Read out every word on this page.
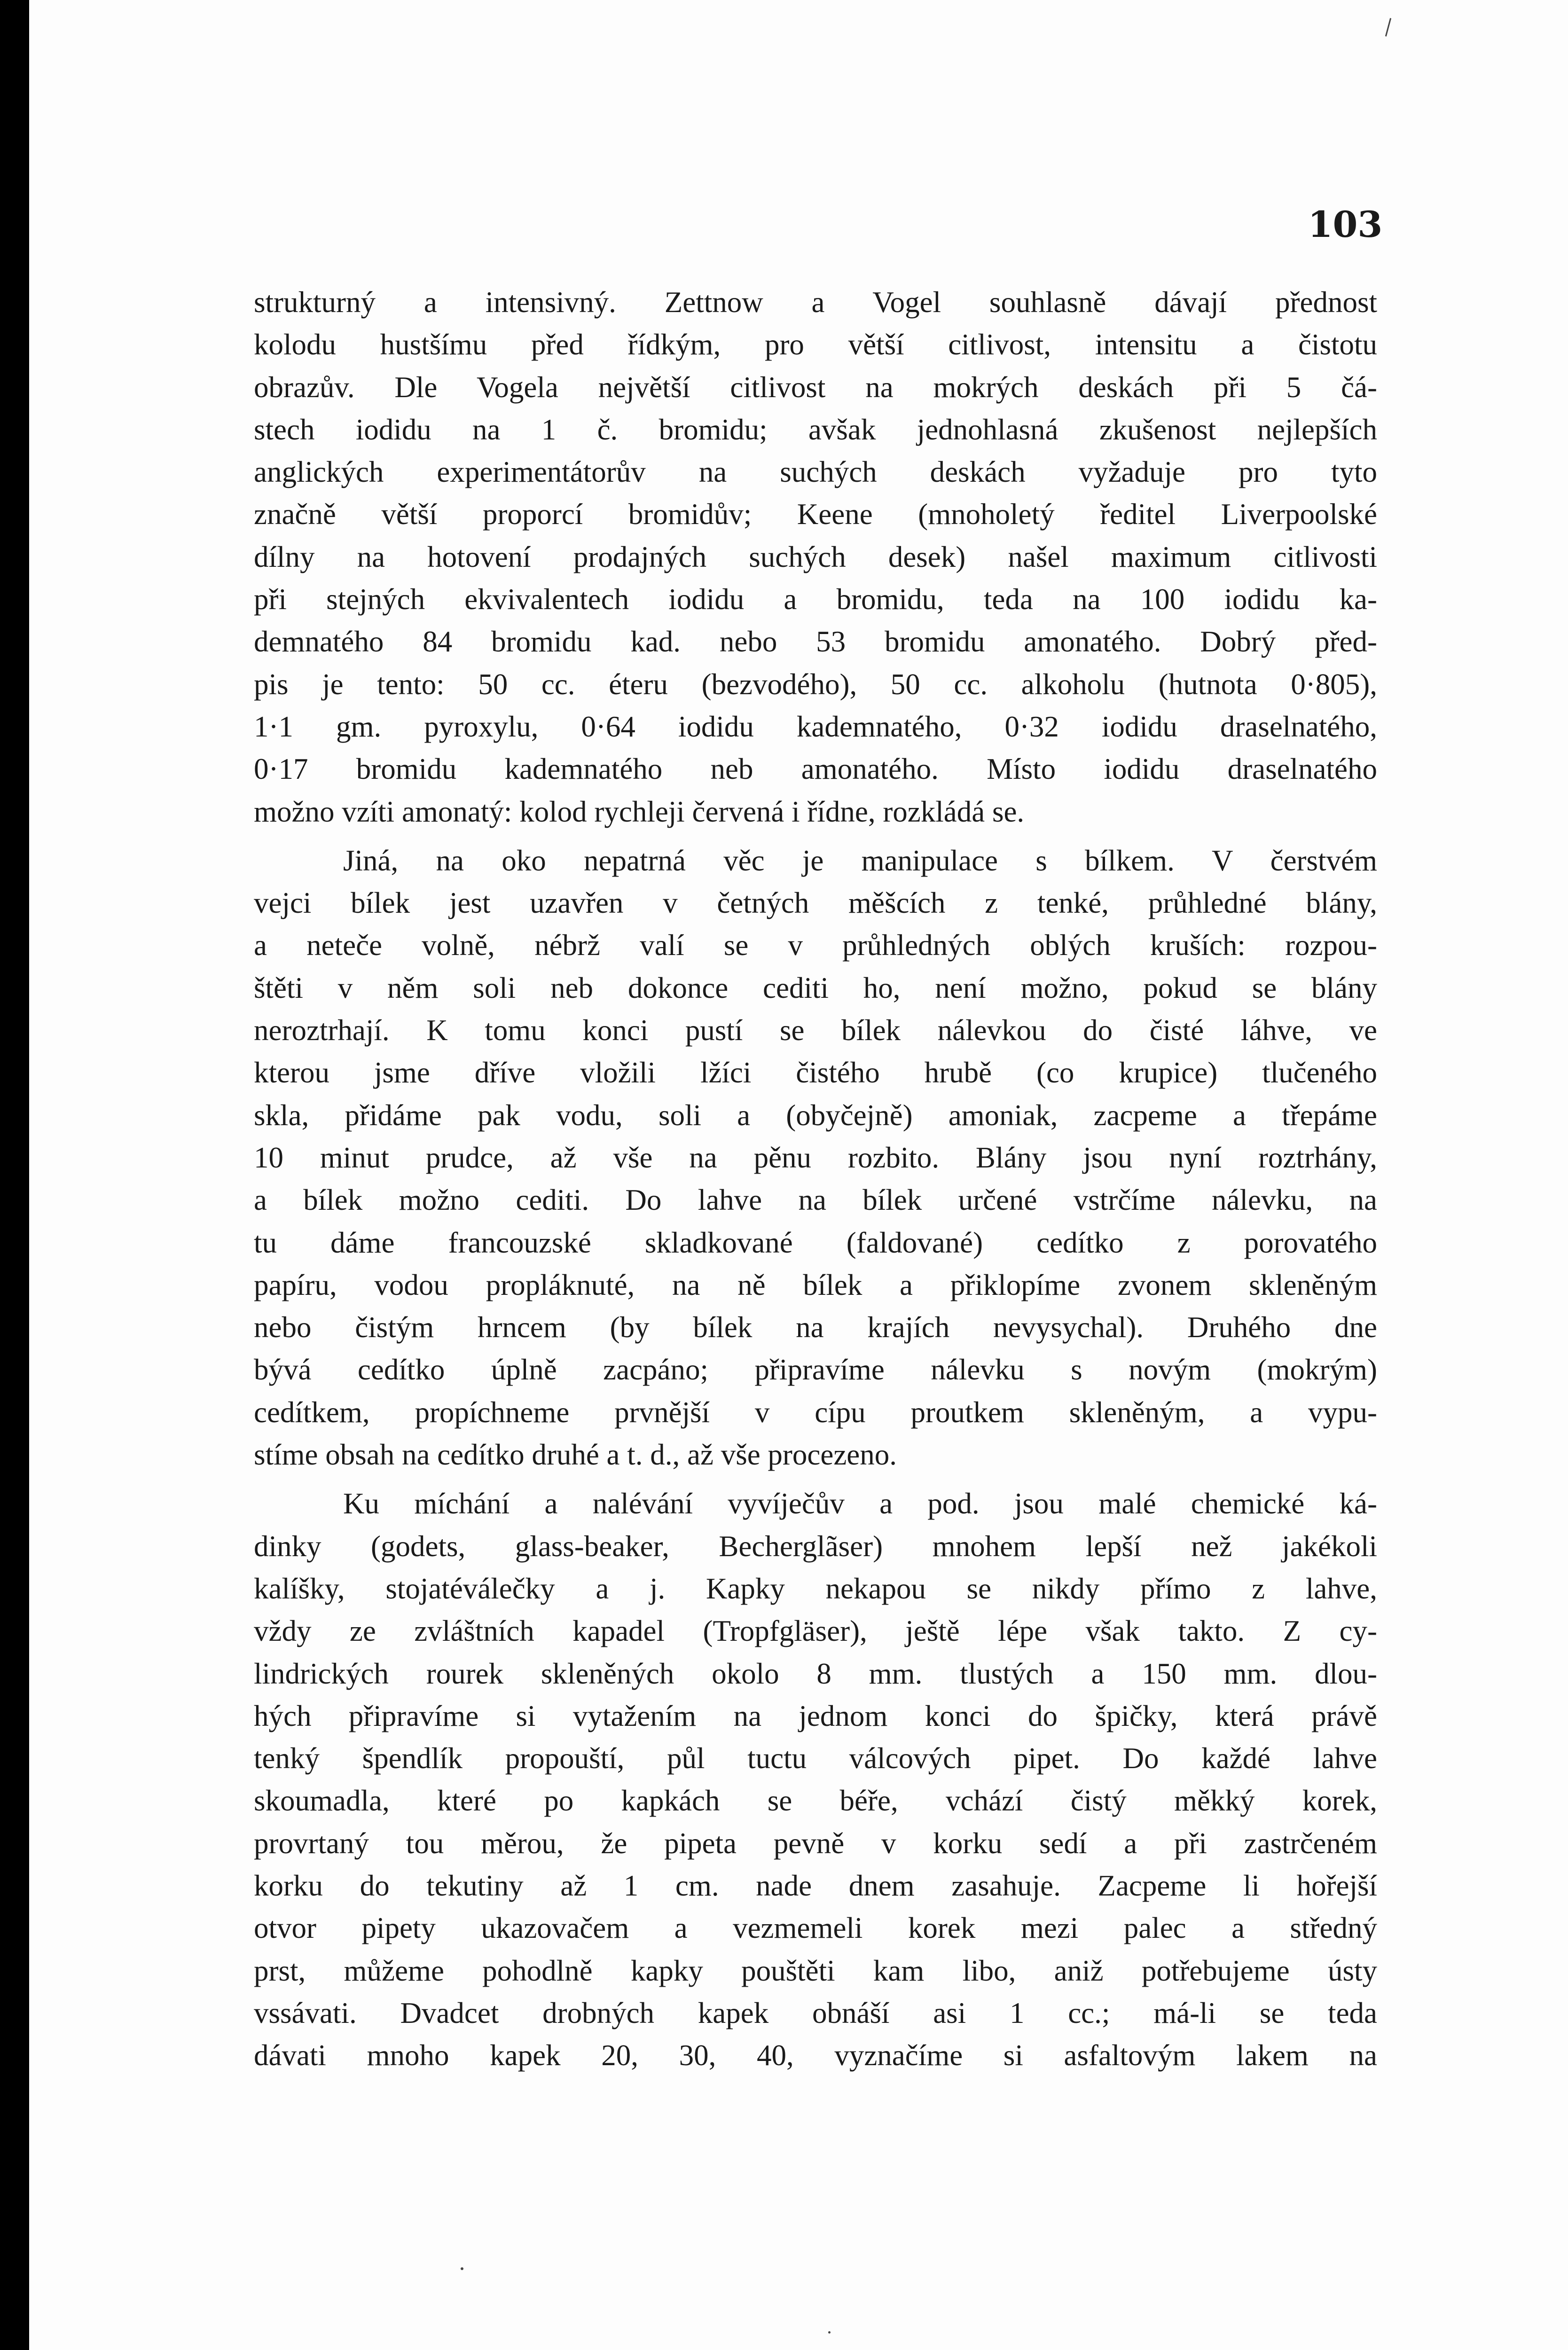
103
strukturný a intensivný. Zettnow a Vogel souhlasně dávají přednost
kolodu hustšímu před řídkým, pro větší citlivost, intensitu a čistotu
obrazův. Dle Vogela největší citlivost na mokrých deskách při 5 čá-
stech iodidu na 1 č. bromidu; avšak jednohlasná zkušenost nejlepších
anglických experimentátorův na suchých deskách vyžaduje pro tyto
značně větší proporcí bromidův; Keene (mnoholetý ředitel Liverpoolské
dílny na hotovení prodajných suchých desek) našel maximum citlivosti
při stejných ekvivalentech iodidu a bromidu, teda na 100 iodidu ka-
demnatého 84 bromidu kad. nebo 53 bromidu amonatého. Dobrý před-
pis je tento: 50 cc. éteru (bezvodého), 50 cc. alkoholu (hutnota 0·805),
1·1 gm. pyroxylu, 0·64 iodidu kademnatého, 0·32 iodidu draselnatého,
0·17 bromidu kademnatého neb amonatého. Místo iodidu draselnatého
možno vzíti amonatý: kolod rychleji červená i řídne, rozkládá se.
Jiná, na oko nepatrná věc je manipulace s bílkem. V čerstvém
vejci bílek jest uzavřen v četných měšcích z tenké, průhledné blány,
a neteče volně, nébrž valí se v průhledných oblých kruších: rozpou-
štěti v něm soli neb dokonce cediti ho, není možno, pokud se blány
neroztrhají. K tomu konci pustí se bílek nálevkou do čisté láhve, ve
kterou jsme dříve vložili lžíci čistého hrubě (co krupice) tlučeného
skla, přidáme pak vodu, soli a (obyčejně) amoniak, zacpeme a třepáme
10 minut prudce, až vše na pěnu rozbito. Blány jsou nyní roztrhány,
a bílek možno cediti. Do lahve na bílek určené vstrčíme nálevku, na
tu dáme francouzské skladkované (faldované) cedítko z porovatého
papíru, vodou propláknuté, na ně bílek a přiklopíme zvonem skleněným
nebo čistým hrncem (by bílek na krajích nevysychal). Druhého dne
bývá cedítko úplně zacpáno; připravíme nálevku s novým (mokrým)
cedítkem, propíchneme prvnější v cípu proutkem skleněným, a vypu-
stíme obsah na cedítko druhé a t. d., až vše procezeno.
Ku míchání a nalévání vyvíječův a pod. jsou malé chemické ká-
dinky (godets, glass-beaker, Becherglãser) mnohem lepší než jakékoli
kalíšky, stojatéválečky a j. Kapky nekapou se nikdy přímo z lahve,
vždy ze zvláštních kapadel (Tropfgläser), ještě lépe však takto. Z cy-
lindrických rourek skleněných okolo 8 mm. tlustých a 150 mm. dlou-
hých připravíme si vytažením na jednom konci do špičky, která právě
tenký špendlík propouští, půl tuctu válcových pipet. Do každé lahve
skoumadla, které po kapkách se béře, vchází čistý měkký korek,
provrtaný tou měrou, že pipeta pevně v korku sedí a při zastrčeném
korku do tekutiny až 1 cm. nade dnem zasahuje. Zacpeme li hořejší
otvor pipety ukazovačem a vezmemeli korek mezi palec a středný
prst, můžeme pohodlně kapky pouštěti kam libo, aniž potřebujeme ústy
vssávati. Dvadcet drobných kapek obnáší asi 1 cc.; má-li se teda
dávati mnoho kapek 20, 30, 40, vyznačíme si asfaltovým lakem na
